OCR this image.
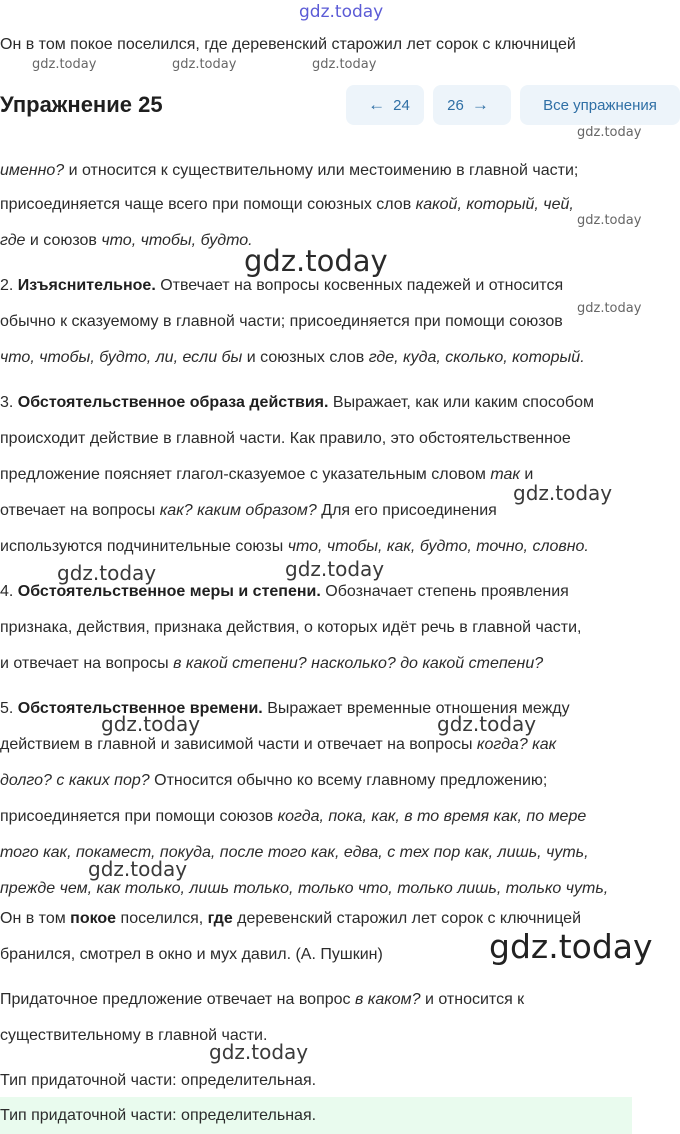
gdz.today
Он в том покое поселился, где деревенский старожил лет сорок с ключницей
gdz.today	gdz.today	gdz.today
Упражнение 25	← 24 26 →	Все упражнения
gdz.today
именно? и относится к существительному или местоимению в главной части;
присоединяется чаще всего при помощи союзных слов какой, который, чей,
gdz.today
где и союзов что, чтобы, будто.
gdz.today
2. Изъяснительное. Отвечает на вопросы косвенных падежей и относится
gdz.today
обычно к сказуемому в главной части; присоединяется при помощи союзов
что, чтобы, будто, ли, если бы и союзных слов где, куда, сколько, который.
3. Обстоятельственное образа действия. Выражает, как или каким способом
происходит действие в главной части. Как правило, это обстоятельственное
предложение поясняет глагол-сказуемое с указательным словом так и
gdz.today
отвечает на вопросы как? каким образом? Для его присоединения
используются подчинительные союзы что, чтобы, как, будто, точно, словно.
gdz.today	gdz.today
4. Обстоятельственное меры и степени. Обозначает степень проявления
признака, действия, признака действия, о которых идёт речь в главной части,
и отвечает на вопросы в какой степени? насколько? до какой степени?
5. Обстоятельственное времени. Выражает временные отношения между
gdz.today	gdz.today
действием в главной и зависимой части и отвечает на вопросы когда? как
долго? с каких пор? Относится обычно ко всему главному предложению;
присоединяется при помощи союзов когда, пока, как, в то время как, по мере
того как, покамест, покуда, после того как, едва, с тех пор как, лишь, чуть,
gdz.today
прежде чем, как только, лишь только, только что, только лишь, только чуть,
Он в том покое поселился, где деревенский старожил лет сорок с ключницей
gdz.today
бранился, смотрел в окно и мух давил. (А. Пушкин)
Придаточное предложение отвечает на вопрос в каком? и относится к
существительному в главной части.
gdz.today
Тип придаточной части: определительная.
Тип придаточной части: определительная.
